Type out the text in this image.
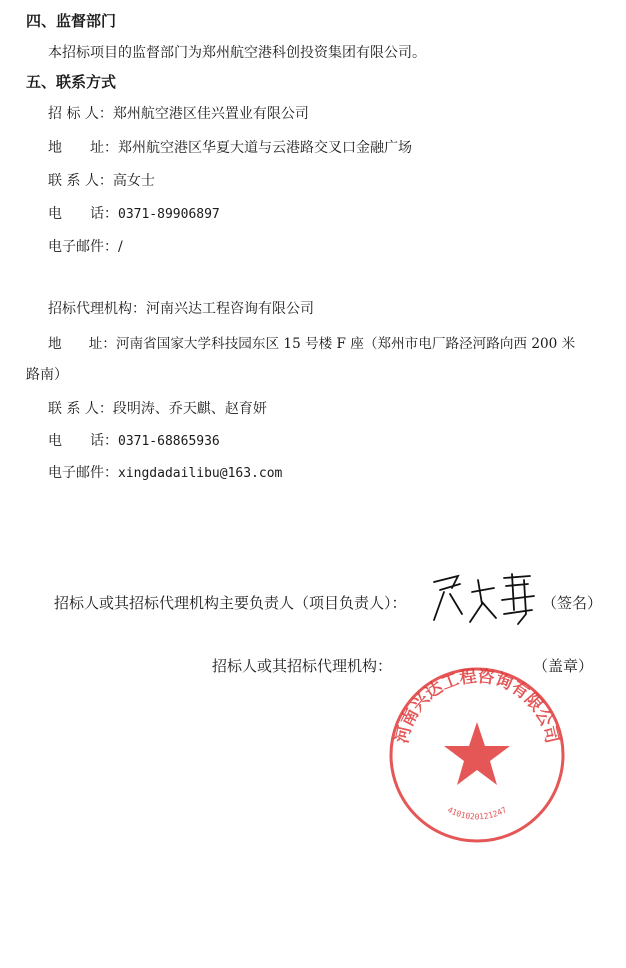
四、监督部门
本招标项目的监督部门为郑州航空港科创投资集团有限公司。
五、联系方式
招 标 人：郑州航空港区佳兴置业有限公司
地　　址：郑州航空港区华夏大道与云港路交叉口金融广场
联 系 人：高女士
电　　话：0371-89906897
电子邮件：/
招标代理机构：河南兴达工程咨询有限公司
地　　址：河南省国家大学科技园东区 15 号楼 F 座（郑州市电厂路泾河路向西 200 米
路南）
联 系 人：段明涛、乔天麒、赵育妍
电　　话：0371-68865936
电子邮件：xingdadailibu@163.com
招标人或其招标代理机构主要负责人（项目负责人）：	（签名）
招标人或其招标代理机构：	（盖章）
河南兴达工程咨询有限公司
4101020121247
